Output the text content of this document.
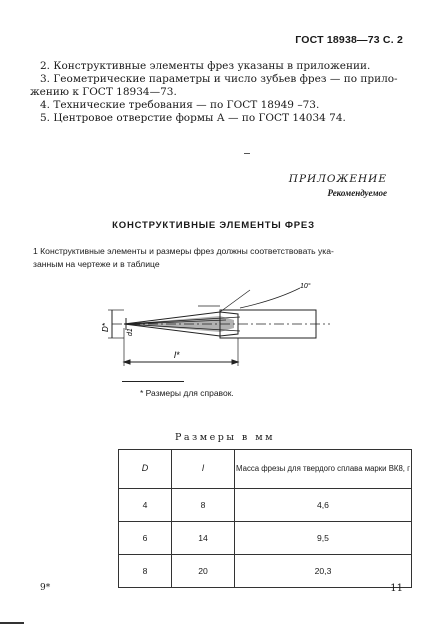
ГОСТ 18938—73 С. 2
2. Конструктивные элементы фрез указаны в приложении.
3. Геометрические параметры и число зубьев фрез — по прило-
жению к ГОСТ 18934—73.
4. Технические требования — по ГОСТ 18949 –73.
5. Центровое отверстие формы А — по ГОСТ 14034 74.
ПРИЛОЖЕНИЕ
Рекомендуемое
КОНСТРУКТИВНЫЕ ЭЛЕМЕНТЫ ФРЕЗ
1 Конструктивные элементы и размеры фрез должны соответствовать ука-
занным на чертеже и в таблице
10°
D*
d1
l*
* Размеры для справок.
Размеры в мм
D	l	Масса фрезы для твердого сплава марки ВК8, г
4	8	4,6
6	14	9,5
8	20	20,3
9*	11
